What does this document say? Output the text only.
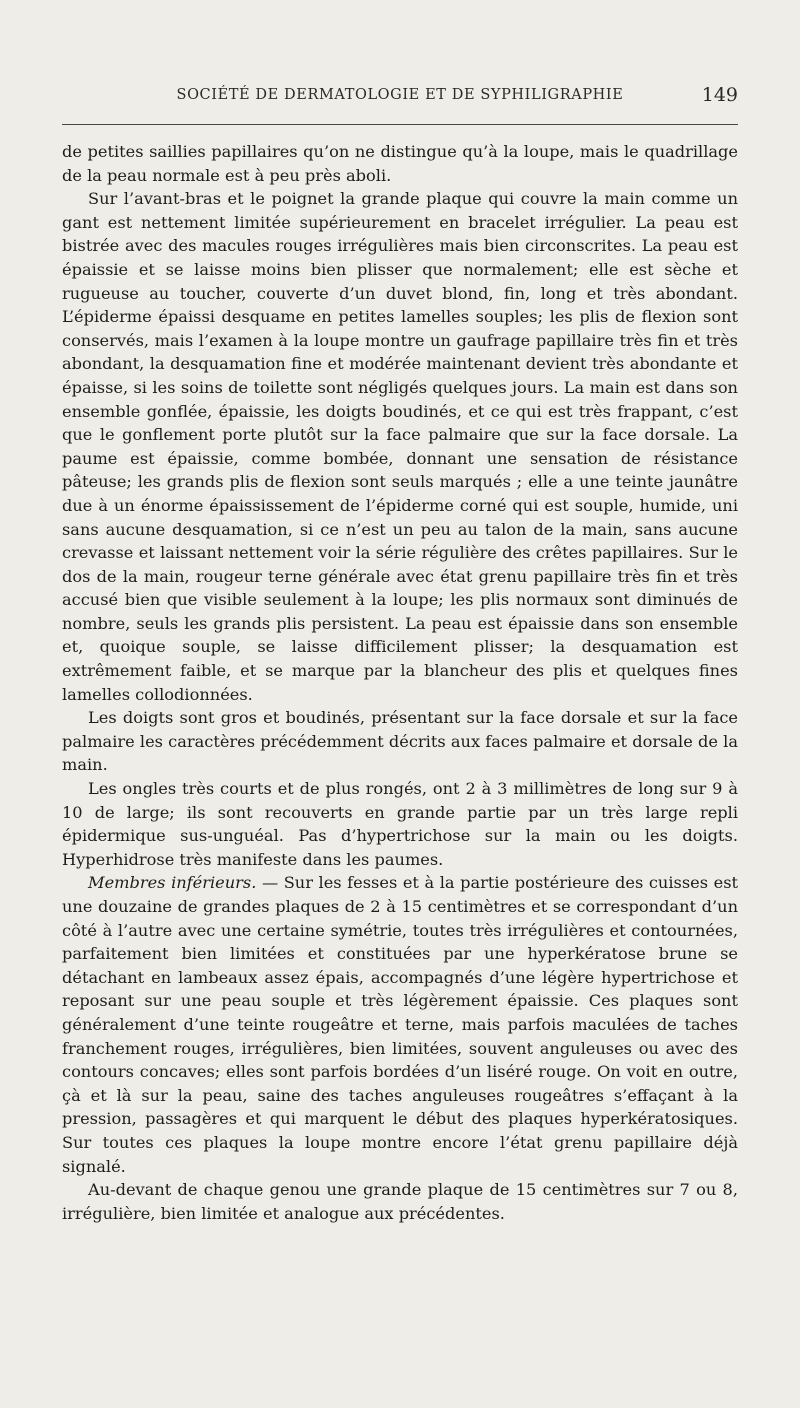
SOCIÉTÉ DE DERMATOLOGIE ET DE SYPHILIGRAPHIE	149

de petites saillies papillaires qu’on ne distingue qu’à la loupe, mais le quadrillage de la peau normale est à peu près aboli.

Sur l’avant-bras et le poignet la grande plaque qui couvre la main comme un gant est nettement limitée supérieurement en bracelet irrégulier. La peau est bistrée avec des macules rouges irrégulières mais bien circonscrites. La peau est épaissie et se laisse moins bien plisser que normalement; elle est sèche et rugueuse au toucher, couverte d’un duvet blond, fin, long et très abondant. L’épiderme épaissi desquame en petites lamelles souples; les plis de flexion sont conservés, mais l’examen à la loupe montre un gaufrage papillaire très fin et très abondant, la desquamation fine et modérée maintenant devient très abondante et épaisse, si les soins de toilette sont négligés quelques jours. La main est dans son ensemble gonflée, épaissie, les doigts boudinés, et ce qui est très frappant, c’est que le gonflement porte plutôt sur la face palmaire que sur la face dorsale. La paume est épaissie, comme bombée, donnant une sensation de résistance pâteuse; les grands plis de flexion sont seuls marqués ; elle a une teinte jaunâtre due à un énorme épaississement de l’épiderme corné qui est souple, humide, uni sans aucune desquamation, si ce n’est un peu au talon de la main, sans aucune crevasse et laissant nettement voir la série régulière des crêtes papillaires. Sur le dos de la main, rougeur terne générale avec état grenu papillaire très fin et très accusé bien que visible seulement à la loupe; les plis normaux sont diminués de nombre, seuls les grands plis persistent. La peau est épaissie dans son ensemble et, quoique souple, se laisse difficilement plisser; la desquamation est extrêmement faible, et se marque par la blancheur des plis et quelques fines lamelles collodionnées.

Les doigts sont gros et boudinés, présentant sur la face dorsale et sur la face palmaire les caractères précédemment décrits aux faces palmaire et dorsale de la main.

Les ongles très courts et de plus rongés, ont 2 à 3 millimètres de long sur 9 à 10 de large; ils sont recouverts en grande partie par un très large repli épidermique sus-unguéal. Pas d’hypertrichose sur la main ou les doigts. Hyperhidrose très manifeste dans les paumes.

Membres inférieurs. — Sur les fesses et à la partie postérieure des cuisses est une douzaine de grandes plaques de 2 à 15 centimètres et se correspondant d’un côté à l’autre avec une certaine symétrie, toutes très irrégulières et contournées, parfaitement bien limitées et constituées par une hyperkératose brune se détachant en lambeaux assez épais, accompagnés d’une légère hypertrichose et reposant sur une peau souple et très légèrement épaissie. Ces plaques sont généralement d’une teinte rougeâtre et terne, mais parfois maculées de taches franchement rouges, irrégulières, bien limitées, souvent anguleuses ou avec des contours concaves; elles sont parfois bordées d’un liséré rouge. On voit en outre, çà et là sur la peau, saine des taches anguleuses rougeâtres s’effaçant à la pression, passagères et qui marquent le début des plaques hyperkératosiques. Sur toutes ces plaques la loupe montre encore l’état grenu papillaire déjà signalé.

Au-devant de chaque genou une grande plaque de 15 centimètres sur 7 ou 8, irrégulière, bien limitée et analogue aux précédentes.
